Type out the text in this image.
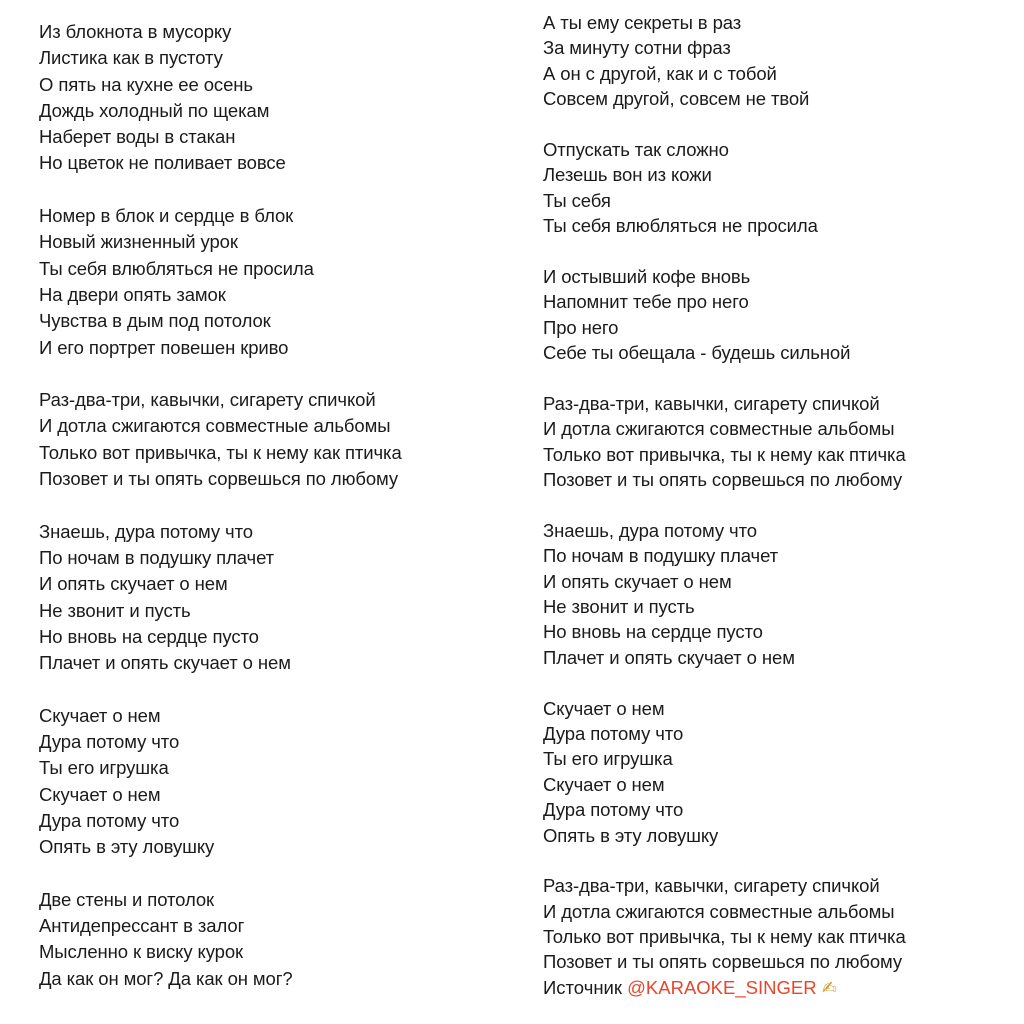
Из блокнота в мусорку
Листика как в пустоту
О пять на кухне ее осень
Дождь холодный по щекам
Наберет воды в стакан
Но цветок не поливает вовсе
Номер в блок и сердце в блок
Новый жизненный урок
Ты себя влюбляться не просила
На двери опять замок
Чувства в дым под потолок
И его портрет повешен криво
Раз-два-три, кавычки, сигарету спичкой
И дотла сжигаются совместные альбомы
Только вот привычка, ты к нему как птичка
Позовет и ты опять сорвешься по любому
Знаешь, дура потому что
По ночам в подушку плачет
И опять скучает о нем
Не звонит и пусть
Но вновь на сердце пусто
Плачет и опять скучает о нем
Скучает о нем
Дура потому что
Ты его игрушка
Скучает о нем
Дура потому что
Опять в эту ловушку
Две стены и потолок
Антидепрессант в залог
Мысленно к виску курок
Да как он мог? Да как он мог?
А ты ему секреты в раз
За минуту сотни фраз
А он с другой, как и с тобой
Совсем другой, совсем не твой
Отпускать так сложно
Лезешь вон из кожи
Ты себя
Ты себя влюбляться не просила
И остывший кофе вновь
Напомнит тебе про него
Про него
Себе ты обещала - будешь сильной
Раз-два-три, кавычки, сигарету спичкой
И дотла сжигаются совместные альбомы
Только вот привычка, ты к нему как птичка
Позовет и ты опять сорвешься по любому
Знаешь, дура потому что
По ночам в подушку плачет
И опять скучает о нем
Не звонит и пусть
Но вновь на сердце пусто
Плачет и опять скучает о нем
Скучает о нем
Дура потому что
Ты его игрушка
Скучает о нем
Дура потому что
Опять в эту ловушку
Раз-два-три, кавычки, сигарету спичкой
И дотла сжигаются совместные альбомы
Только вот привычка, ты к нему как птичка
Позовет и ты опять сорвешься по любому
Источник @KARAOKE_SINGER ✍
